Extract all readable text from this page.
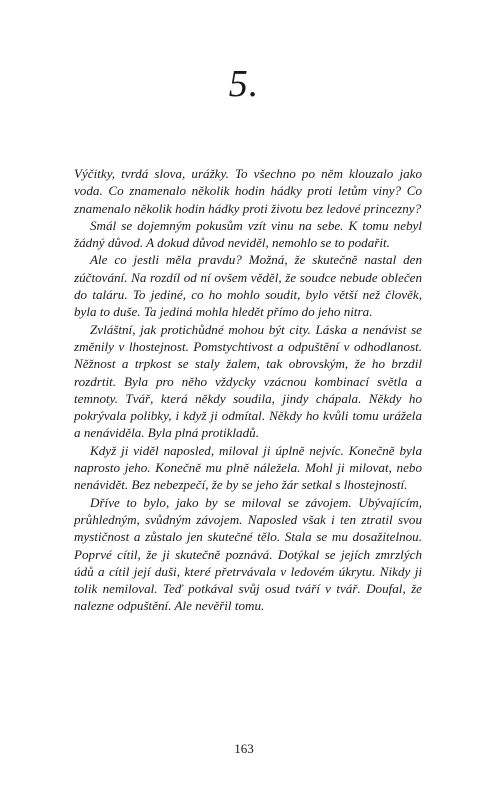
5.

Výčitky, tvrdá slova, urážky. To všechno po něm klouzalo jako voda. Co znamenalo několik hodin hádky proti letům viny? Co znamenalo několik hodin hádky proti životu bez ledové princezny?

Smál se dojemným pokusům vzít vinu na sebe. K tomu nebyl žádný důvod. A dokud důvod neviděl, nemohlo se to podařit.

Ale co jestli měla pravdu? Možná, že skutečně nastal den zúčtování. Na rozdíl od ní ovšem věděl, že soudce nebude oblečen do taláru. To jediné, co ho mohlo soudit, bylo větší než člověk, byla to duše. Ta jediná mohla hledět přímo do jeho nitra.

Zvláštní, jak protichůdné mohou být city. Láska a nenávist se změnily v lhostejnost. Pomstychtivost a odpuštění v odhodlanost. Něžnost a trpkost se staly žalem, tak obrovským, že ho brzdil rozdrtit. Byla pro něho vždycky vzácnou kombinací světla a temnoty. Tvář, která někdy soudila, jindy chápala. Někdy ho pokrývala polibky, i když ji odmítal. Někdy ho kvůli tomu urážela a nenáviděla. Byla plná protikladů.

Když ji viděl naposled, miloval ji úplně nejvíc. Konečně byla naprosto jeho. Konečně mu plně náležela. Mohl ji milovat, nebo nenávidět. Bez nebezpečí, že by se jeho žár setkal s lhostejností.

Dříve to bylo, jako by se miloval se závojem. Ubývajícím, průhledným, svůdným závojem. Naposled však i ten ztratil svou mystičnost a zůstalo jen skutečné tělo. Stala se mu dosažitelnou. Poprvé cítil, že ji skutečně poznává. Dotýkal se jejích zmrzlých údů a cítil její duši, které přetrvávala v ledovém úkrytu. Nikdy ji tolik nemiloval. Teď potkával svůj osud tváří v tvář. Doufal, že nalezne odpuštění. Ale nevěřil tomu.

163
